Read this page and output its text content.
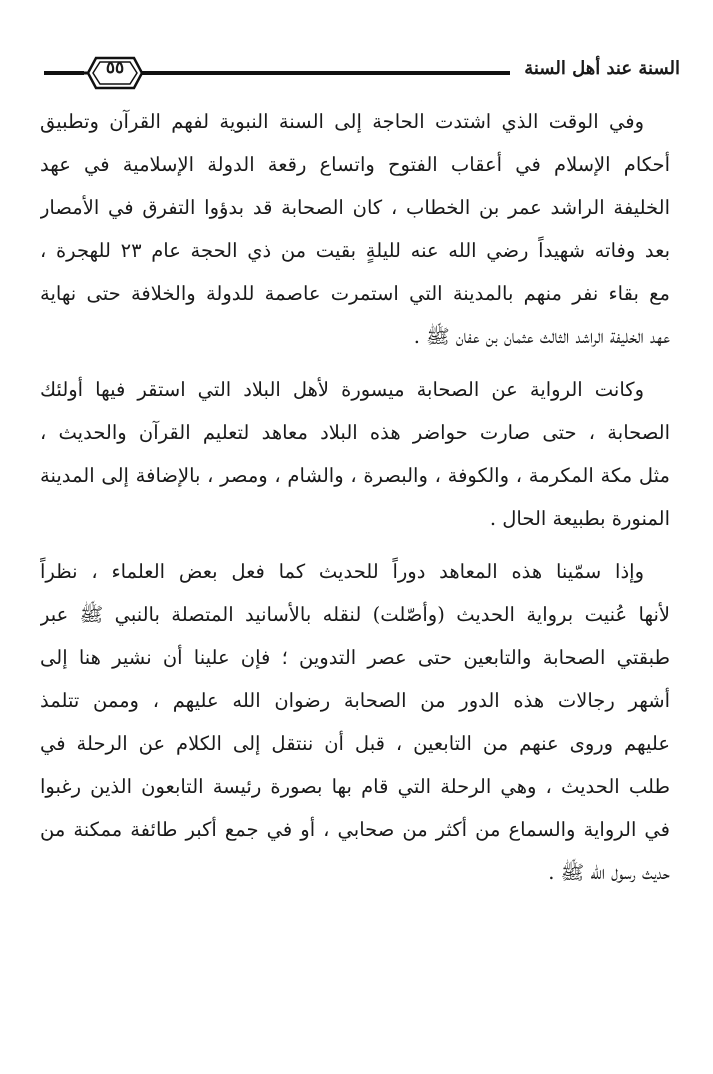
السنة عند أهل السنة
٥٥
وفي الوقت الذي اشتدت الحاجة إلى السنة النبوية لفهم القرآن وتطبيق
أحكام الإسلام في أعقاب الفتوح واتساع رقعة الدولة الإسلامية في عهد
الخليفة الراشد عمر بن الخطاب ، كان الصحابة قد بدؤوا التفرق في الأمصار
بعد وفاته شهيداً رضي الله عنه لليلةٍ بقيت من ذي الحجة عام ٢٣ للهجرة ،
مع بقاء نفر منهم بالمدينة التي استمرت عاصمة للدولة والخلافة حتى نهاية
عهد الخليفة الراشد الثالث عثمان بن عفان ﷺ .
وكانت الرواية عن الصحابة ميسورة لأهل البلاد التي استقر فيها أولئك
الصحابة ، حتى صارت حواضر هذه البلاد معاهد لتعليم القرآن والحديث ،
مثل مكة المكرمة ، والكوفة ، والبصرة ، والشام ، ومصر ، بالإضافة إلى المدينة
المنورة بطبيعة الحال .
وإذا سمّينا هذه المعاهد دوراً للحديث كما فعل بعض العلماء ، نظراً
لأنها عُنيت برواية الحديث (وأصّلت) لنقله بالأسانيد المتصلة بالنبي ﷺ عبر
طبقتي الصحابة والتابعين حتى عصر التدوين ؛ فإن علينا أن نشير هنا إلى
أشهر رجالات هذه الدور من الصحابة رضوان الله عليهم ، وممن تتلمذ
عليهم وروى عنهم من التابعين ، قبل أن ننتقل إلى الكلام عن الرحلة في
طلب الحديث ، وهي الرحلة التي قام بها بصورة رئيسة التابعون الذين رغبوا
في الرواية والسماع من أكثر من صحابي ، أو في جمع أكبر طائفة ممكنة من
حديث رسول الله ﷺ .
